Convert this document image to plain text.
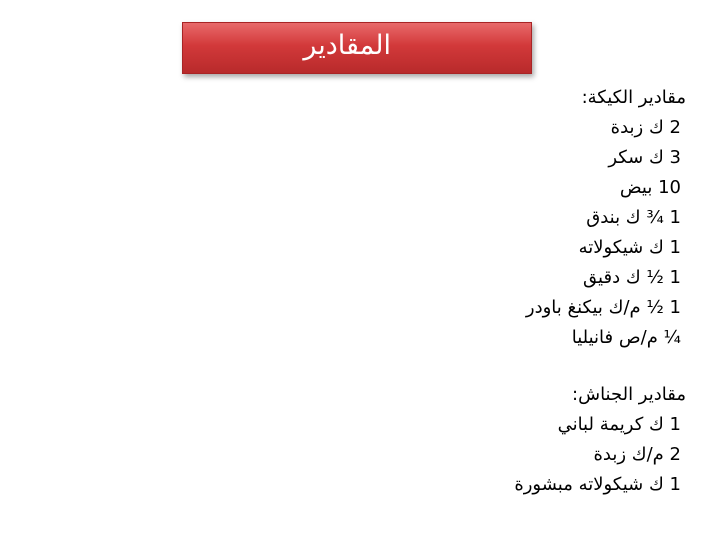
المقادير
مقادير الكيكة:
2 ك زبدة
3 ك سكر
10 بيض
1 ¾ ك بندق
1 ك شيكولاته
1 ½ ك دقيق
1 ½ م/ك بيكنغ باودر
¼ م/ص فانيليا
مقادير الجناش:
1 ك كريمة لباني
2 م/ك زبدة
1 ك شيكولاته مبشورة
